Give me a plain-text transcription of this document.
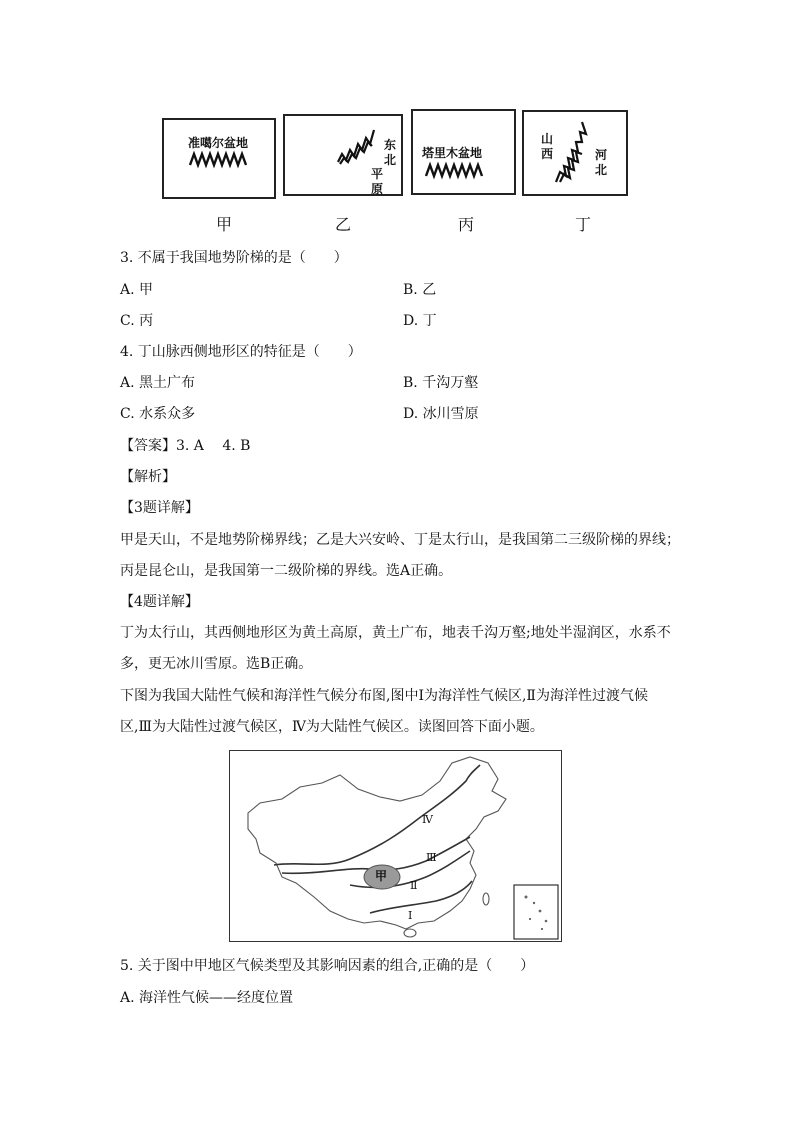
准噶尔盆地
甲
东
北
平
原
乙
塔里木盆地
丙
山
西	河
北
丁
3. 不属于我国地势阶梯的是（　　）
A. 甲	B. 乙
C. 丙	D. 丁
4. 丁山脉西侧地形区的特征是（　　）
A. 黑土广布	B. 千沟万壑
C. 水系众多	D. 冰川雪原
【答案】3. A　 4. B
【解析】
【3题详解】
甲是天山，不是地势阶梯界线；乙是大兴安岭、丁是太行山，是我国第二三级阶梯的界线；
丙是昆仑山，是我国第一二级阶梯的界线。选A正确。
【4题详解】
丁为太行山，其西侧地形区为黄土高原，黄土广布，地表千沟万壑;地处半湿润区，水系不
多，更无冰川雪原。选B正确。
下图为我国大陆性气候和海洋性气候分布图,图中Ⅰ为海洋性气候区,Ⅱ为海洋性过渡气候
区,Ⅲ为大陆性过渡气候区，Ⅳ为大陆性气候区。读图回答下面小题。
Ⅳ
Ⅲ
甲
Ⅱ
Ⅰ
5. 关于图中甲地区气候类型及其影响因素的组合,正确的是（　　）
A. 海洋性气候——经度位置
